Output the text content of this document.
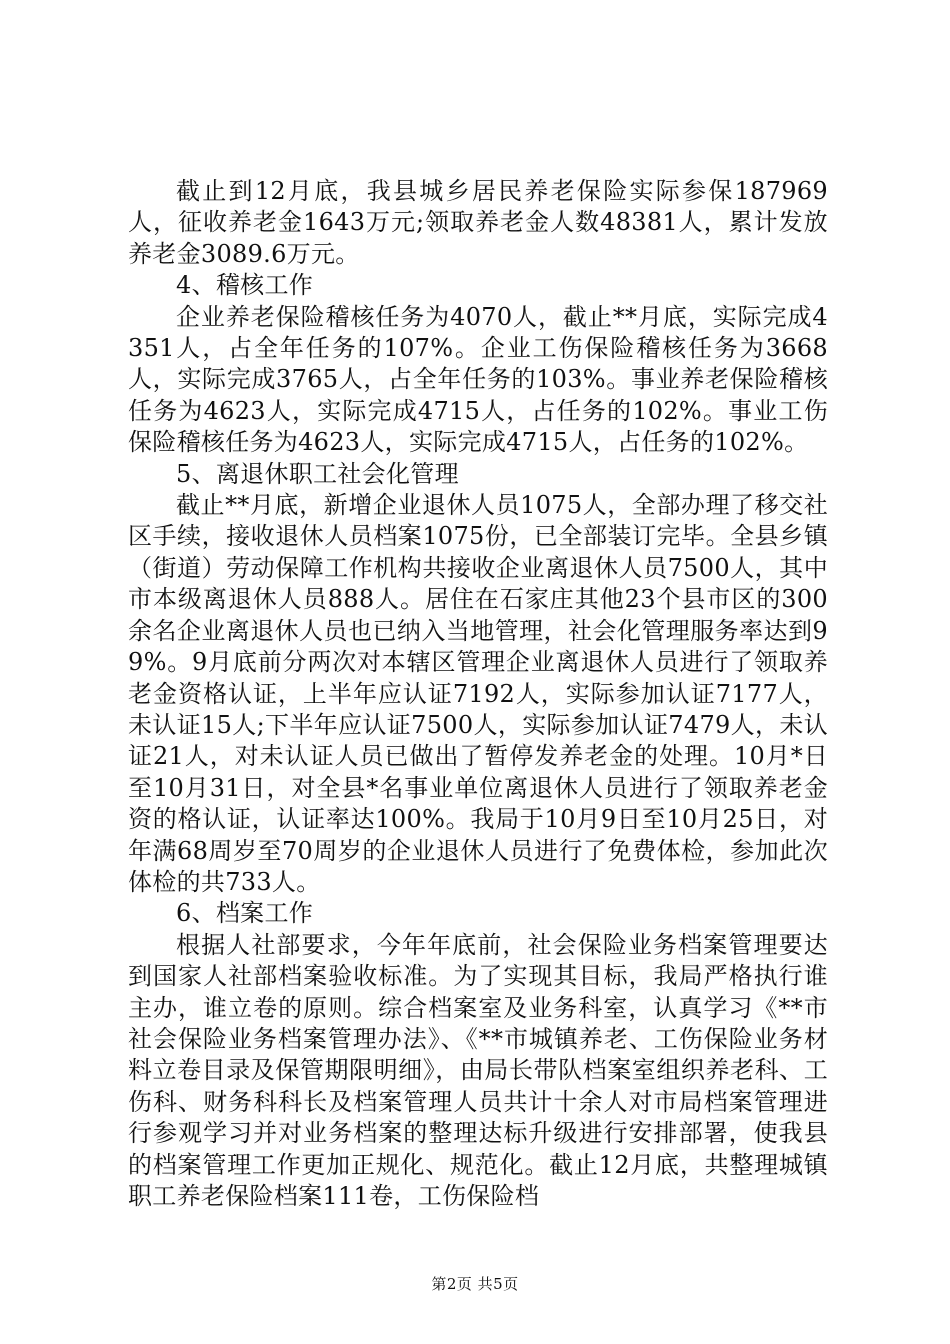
截止到12月底，我县城乡居民养老保险实际参保187969人，征收养老金1643万元;领取养老金人数48381人，累计发放养老金3089.6万元。

4、稽核工作

企业养老保险稽核任务为4070人，截止**月底，实际完成4351人，占全年任务的107%。企业工伤保险稽核任务为3668人，实际完成3765人，占全年任务的103%。事业养老保险稽核任务为4623人，实际完成4715人，占任务的102%。事业工伤保险稽核任务为4623人，实际完成4715人，占任务的102%。

5、离退休职工社会化管理

截止**月底，新增企业退休人员1075人，全部办理了移交社区手续，接收退休人员档案1075份，已全部装订完毕。全县乡镇（街道）劳动保障工作机构共接收企业离退休人员7500人，其中市本级离退休人员888人。居住在石家庄其他23个县市区的300余名企业离退休人员也已纳入当地管理，社会化管理服务率达到99%。9月底前分两次对本辖区管理企业离退休人员进行了领取养老金资格认证，上半年应认证7192人，实际参加认证7177人，未认证15人;下半年应认证7500人，实际参加认证7479人，未认证21人，对未认证人员已做出了暂停发养老金的处理。10月*日至10月31日，对全县*名事业单位离退休人员进行了领取养老金资的格认证，认证率达100%。我局于10月9日至10月25日，对年满68周岁至70周岁的企业退休人员进行了免费体检，参加此次体检的共733人。

6、档案工作

根据人社部要求，今年年底前，社会保险业务档案管理要达到国家人社部档案验收标准。为了实现其目标，我局严格执行谁主办，谁立卷的原则。综合档案室及业务科室，认真学习《**市社会保险业务档案管理办法》、《**市城镇养老、工伤保险业务材料立卷目录及保管期限明细》，由局长带队档案室组织养老科、工伤科、财务科科长及档案管理人员共计十余人对市局档案管理进行参观学习并对业务档案的整理达标升级进行安排部署，使我县的档案管理工作更加正规化、规范化。截止12月底，共整理城镇职工养老保险档案111卷，工伤保险档

第2页 共5页
